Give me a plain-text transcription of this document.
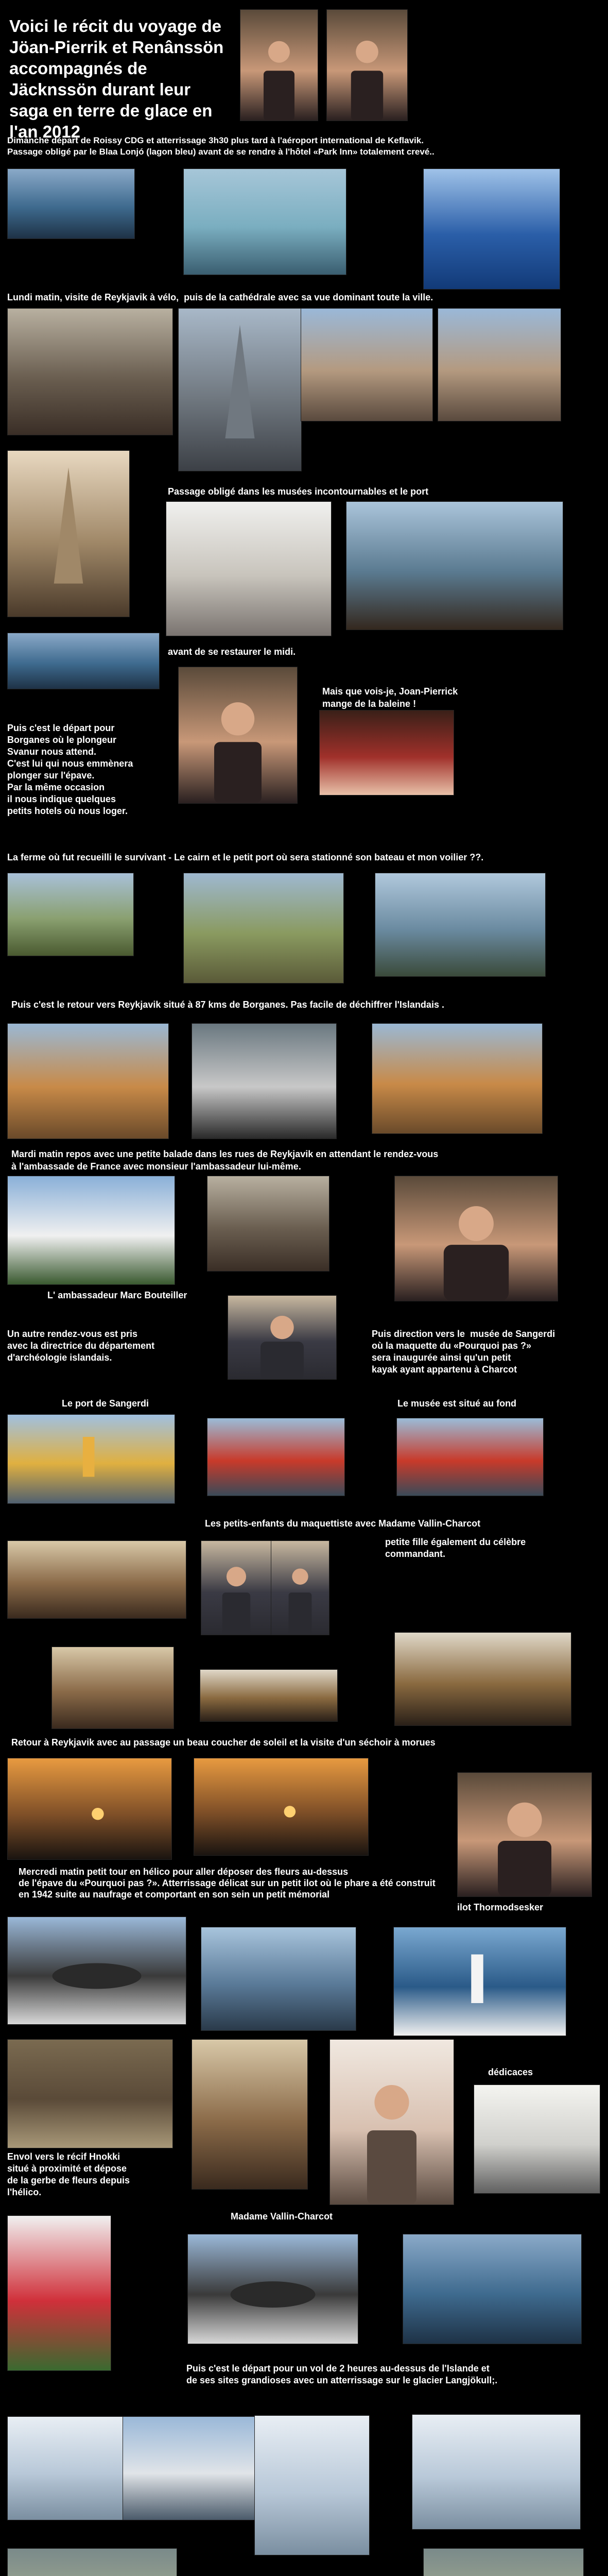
Voici le récit du voyage de Jöan-Pierrik et Renânssön accompagnés de Jäcknssön durant leur saga en terre de glace en l'an 2012
Dimanche départ de Roissy CDG et atterrissage 3h30 plus tard à l'aéroport international de Keflavik.
Passage obligé par le Blaa Lonjó (lagon bleu) avant de se rendre à l'hôtel «Park Inn» totalement crevé..
Lundi matin, visite de Reykjavik à vélo,  puis de la cathédrale avec sa vue dominant toute la ville.
Passage obligé dans les musées incontournables et le port
avant de se restaurer le midi.
Mais que vois-je, Joan-Pierrick
mange de la baleine !
Puis c'est le départ pour
Borganes où le plongeur
Svanur nous attend.
C'est lui qui nous emmènera
plonger sur l'épave.
Par la même occasion
il nous indique quelques
petits hotels où nous loger.
La ferme où fut recueilli le survivant - Le cairn et le petit port où sera stationné son bateau et mon voilier ??.
Puis c'est le retour vers Reykjavik situé à 87 kms de Borganes. Pas facile de déchiffrer l'Islandais .
Mardi matin repos avec une petite balade dans les rues de Reykjavik en attendant le rendez-vous
à l'ambassade de France avec monsieur l'ambassadeur lui-même.
L' ambassadeur Marc Bouteiller
Un autre rendez-vous est pris
avec la directrice du département
d'archéologie islandais.
Puis direction vers le  musée de Sangerdi
où la maquette du «Pourquoi pas ?»
sera inaugurée ainsi qu'un petit
kayak ayant appartenu à Charcot
Le port de Sangerdi	Le musée est situé au fond
Les petits-enfants du maquettiste avec Madame Vallin-Charcot
petite fille également du célèbre
commandant.
Retour à Reykjavik avec au passage un beau coucher de soleil et la visite d'un séchoir à morues
Mercredi matin petit tour en hélico pour aller déposer des fleurs au-dessus
de l'épave du «Pourquoi pas ?». Atterrissage délicat sur un petit ilot où le phare a été construit
en 1942 suite au naufrage et comportant en son sein un petit mémorial
ilot Thormodsesker
dédicaces
Envol vers le récif Hnokki
situé à proximité et dépose
de la gerbe de fleurs depuis
l'hélico.
Madame Vallin-Charcot
Puis c'est le départ pour un vol de 2 heures au-dessus de l'Islande et
de ses sites grandioses avec un atterrissage sur le glacier Langjökull;.
